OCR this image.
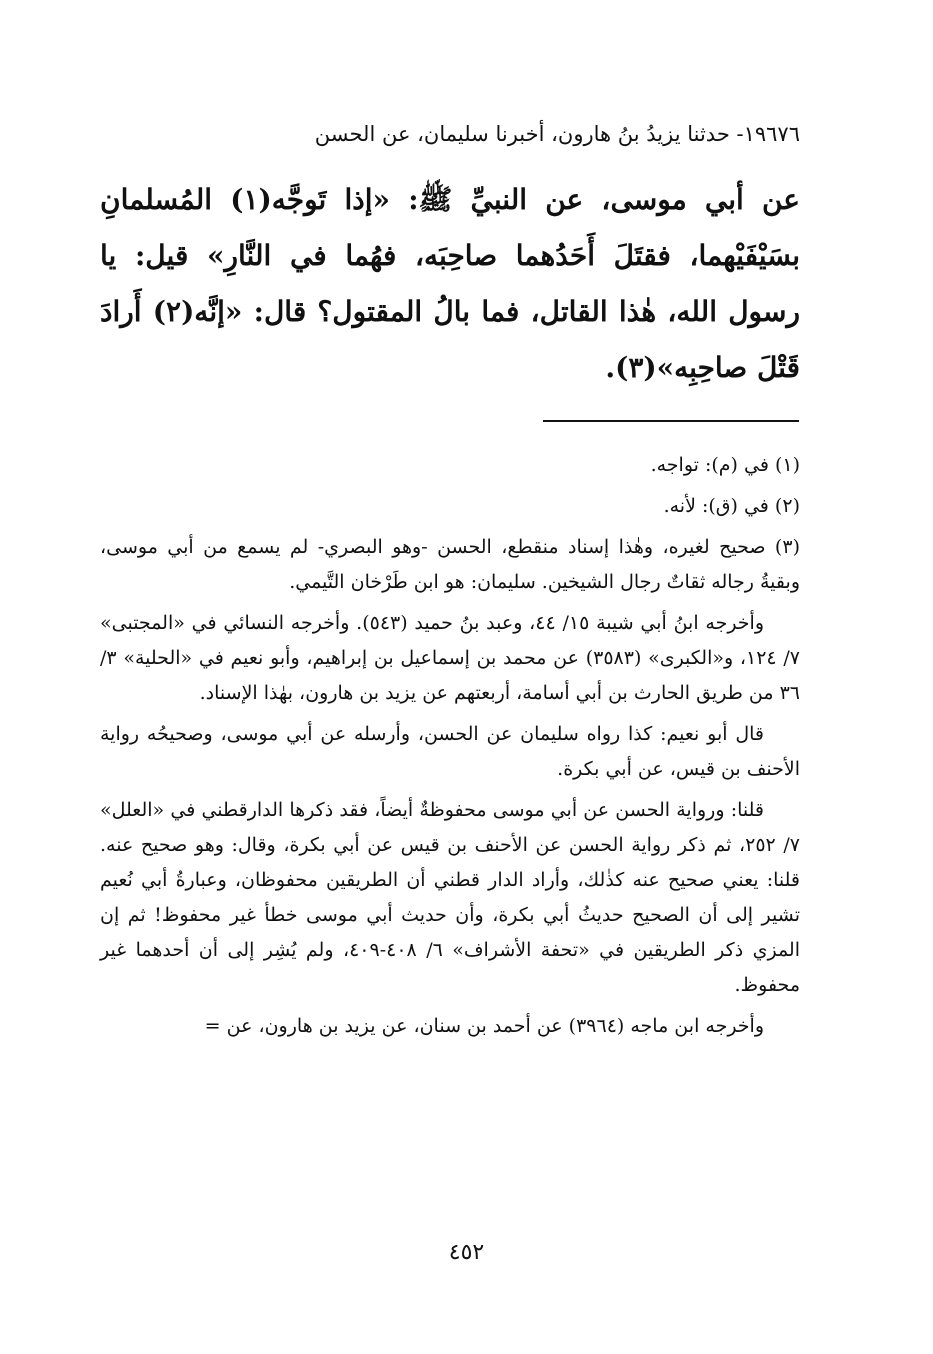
١٩٦٧٦- حدثنا يزيدُ بنُ هارون، أخبرنا سليمان، عن الحسن

عن أبي موسى، عن النبيِّ ﷺ: «إذا تَوجَّه(١) المُسلمانِ بسَيْفَيْهما، فقتَلَ أَحَدُهما صاحِبَه، فهُما في النَّارِ» قيل: يا رسول الله، هٰذا القاتل، فما بالُ المقتول؟ قال: «إنَّه(٢) أَرادَ قَتْلَ صاحِبِه»(٣).

(١) في (م): تواجه.

(٢) في (ق): لأنه.

(٣) صحيح لغيره، وهٰذا إسناد منقطع، الحسن -وهو البصري- لم يسمع من أبي موسى، وبقيةُ رجاله ثقاتٌ رجال الشيخين. سليمان: هو ابن طَرْخان التَّيمي.

وأخرجه ابنُ أبي شيبة ١٥/ ٤٤، وعبد بنُ حميد (٥٤٣). وأخرجه النسائي في «المجتبى» ٧/ ١٢٤، و«الكبرى» (٣٥٨٣) عن محمد بن إسماعيل بن إبراهيم، وأبو نعيم في «الحلية» ٣/ ٣٦ من طريق الحارث بن أبي أسامة، أربعتهم عن يزيد بن هارون، بهٰذا الإسناد.

قال أبو نعيم: كذا رواه سليمان عن الحسن، وأرسله عن أبي موسى، وصحيحُه رواية الأحنف بن قيس، عن أبي بكرة.

قلنا: ورواية الحسن عن أبي موسى محفوظةٌ أيضاً، فقد ذكرها الدارقطني في «العلل» ٧/ ٢٥٢، ثم ذكر رواية الحسن عن الأحنف بن قيس عن أبي بكرة، وقال: وهو صحيح عنه. قلنا: يعني صحيح عنه كذٰلك، وأراد الدار قطني أن الطريقين محفوظان، وعبارةُ أبي نُعيم تشير إلى أن الصحيح حديثُ أبي بكرة، وأن حديث أبي موسى خطأ غير محفوظ! ثم إن المزي ذكر الطريقين في «تحفة الأشراف» ٦/ ٤٠٨-٤٠٩، ولم يُشِر إلى أن أحدهما غير محفوظ.

وأخرجه ابن ماجه (٣٩٦٤) عن أحمد بن سنان، عن يزيد بن هارون، عن =

٤٥٢
